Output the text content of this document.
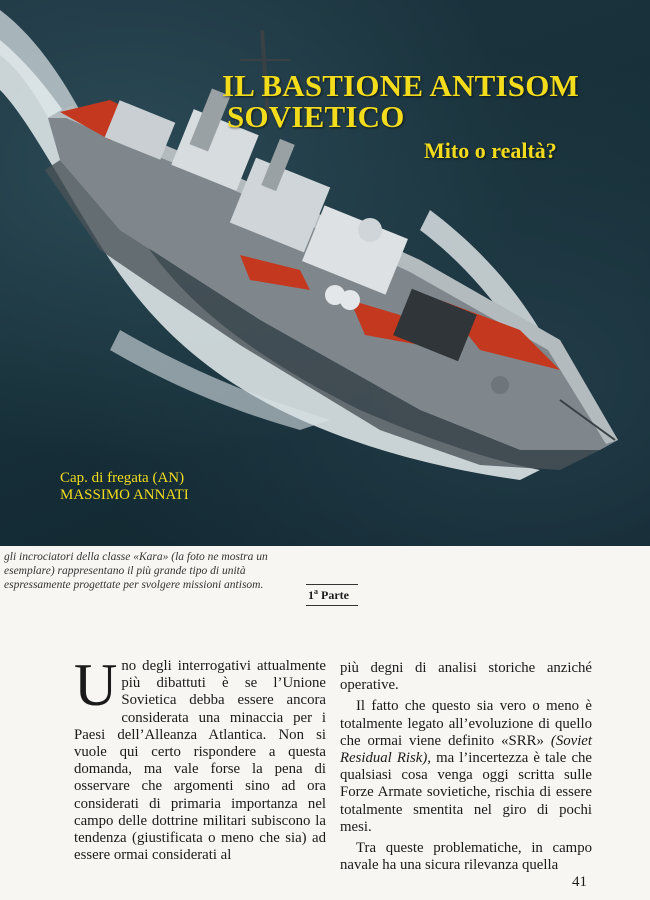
IL BASTIONE ANTISOM
SOVIETICO
Mito o realtà?
Cap. di fregata (AN)
MASSIMO ANNATI
gli incrociatori della classe «Kara» (la foto ne mostra un esemplare) rappresentano il più grande tipo di unità espressamente progettate per svolgere missioni antisom.
1$^a$ Parte

Uno degli interrogativi attualmente più dibattuti è se l’Unione Sovietica debba essere ancora considerata una minaccia per i Paesi dell’Alleanza Atlantica. Non si vuole qui certo rispondere a questa domanda, ma vale forse la pena di osservare che argomenti sino ad ora considerati di primaria importanza nel campo delle dottrine militari subiscono la tendenza (giustificata o meno che sia) ad essere ormai considerati al

più degni di analisi storiche anziché operative.

Il fatto che questo sia vero o meno è totalmente legato all’evoluzione di quello che ormai viene definito «SRR» (Soviet Residual Risk), ma l’incertezza è tale che qualsiasi cosa venga oggi scritta sulle Forze Armate sovietiche, rischia di essere totalmente smentita nel giro di pochi mesi.

Tra queste problematiche, in campo navale ha una sicura rilevanza quella

41
